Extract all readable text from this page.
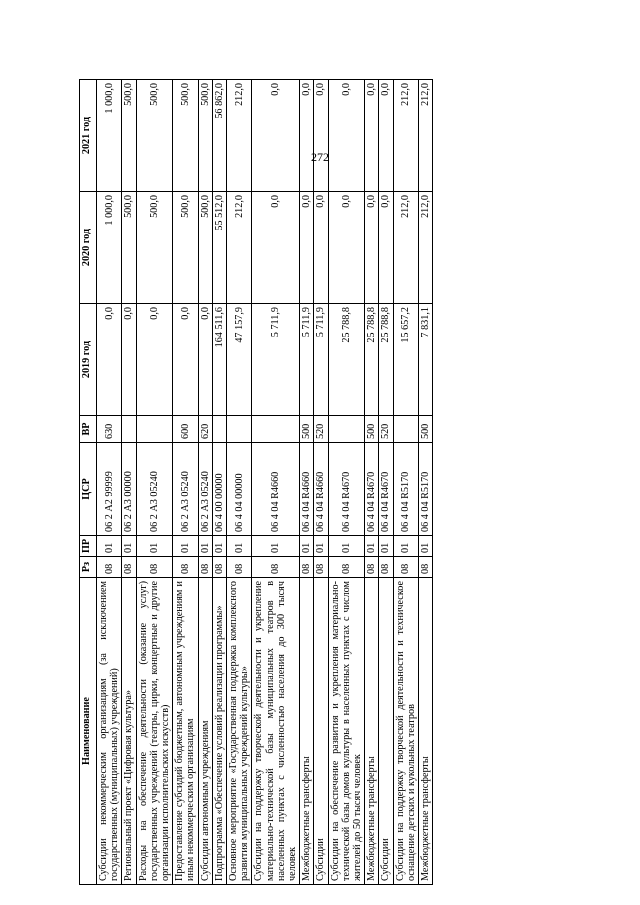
272
Наименование	Рз	ПР	ЦСР	ВР	2019 год	2020 год	2021 год
Субсидии некоммерческим организациям (за исключением государственных (муниципальных) учреждений)	08	01	06 2 А2 99999	630	0,0	1 000,0	1 000,0
Региональный проект «Цифровая культура»	08	01	06 2 А3 00000		0,0	500,0	500,0
Расходы на обеспечение деятельности (оказание услуг) государственных учреждений (театры, цирки, концертные и другие организации исполнительских искусств)	08	01	06 2 А3 05240		0,0	500,0	500,0
Предоставление субсидий бюджетным, автономным учреждениям и иным некоммерческим организациям	08	01	06 2 А3 05240	600	0,0	500,0	500,0
Субсидии автономным учреждениям	08	01	06 2 А3 05240	620	0,0	500,0	500,0
Подпрограмма «Обеспечение условий реализации программы»	08	01	06 4 00 00000		164 511,6	55 512,0	56 862,0
Основное мероприятие «Государственная поддержка комплексного развития муниципальных учреждений культуры»	08	01	06 4 04 00000		47 157,9	212,0	212,0
Субсидии на поддержку творческой деятельности и укрепление материально-технической базы муниципальных театров в населенных пунктах с численностью населения до 300 тысяч человек	08	01	06 4 04 R4660		5 711,9	0,0	0,0
Межбюджетные трансферты	08	01	06 4 04 R4660	500	5 711,9	0,0	0,0
Субсидии	08	01	06 4 04 R4660	520	5 711,9	0,0	0,0
Субсидии на обеспечение развития и укрепления материально-технической базы домов культуры в населенных пунктах с числом жителей до 50 тысяч человек	08	01	06 4 04 R4670		25 788,8	0,0	0,0
Межбюджетные трансферты	08	01	06 4 04 R4670	500	25 788,8	0,0	0,0
Субсидии	08	01	06 4 04 R4670	520	25 788,8	0,0	0,0
Субсидии на поддержку творческой деятельности и техническое оснащение детских и кукольных театров	08	01	06 4 04 R5170		15 657,2	212,0	212,0
Межбюджетные трансферты	08	01	06 4 04 R5170	500	7 831,1	212,0	212,0
